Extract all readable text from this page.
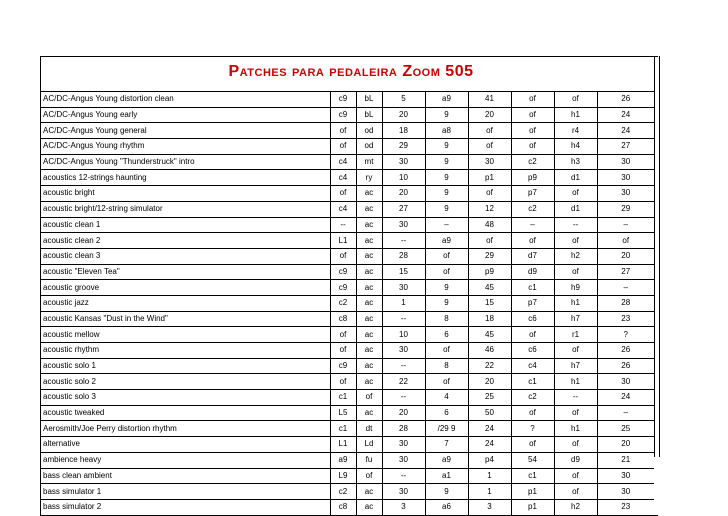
Patches para pedaleira Zoom 505
AC/DC-Angus Young distortion clean	c9	bL	5	a9	41	of	of	26
AC/DC-Angus Young early	c9	bL	20	9	20	of	h1	24
AC/DC-Angus Young general	of	od	18	a8	of	of	r4	24
AC/DC-Angus Young rhythm	of	od	29	9	of	of	h4	27
AC/DC-Angus Young "Thunderstruck" intro	c4	mt	30	9	30	c2	h3	30
acoustics 12-strings haunting	c4	ry	10	9	p1	p9	d1	30
acoustic bright	of	ac	20	9	of	p7	of	30
acoustic bright/12-string simulator	c4	ac	27	9	12	c2	d1	29
acoustic clean 1	--	ac	30	–	48	–	--	–
acoustic clean 2	L1	ac	--	a9	of	of	of	of
acoustic clean 3	of	ac	28	of	29	d7	h2	20
acoustic "Eleven Tea"	c9	ac	15	of	p9	d9	of	27
acoustic groove	c9	ac	30	9	45	c1	h9	–
acoustic jazz	c2	ac	1	9	15	p7	h1	28
acoustic Kansas "Dust in the Wind"	c8	ac	--	8	18	c6	h7	23
acoustic mellow	of	ac	10	6	45	of	r1	?
acoustic rhythm	of	ac	30	of	46	c6	of	26
acoustic solo 1	c9	ac	--	8	22	c4	h7	26
acoustic solo 2	of	ac	22	of	20	c1	h1	30
acoustic solo 3	c1	of	--	4	25	c2	--	24
acoustic tweaked	L5	ac	20	6	50	of	of	–
Aerosmith/Joe Perry distortion rhythm	c1	dt	28	/29 9	24	?	h1	25
alternative	L1	Ld	30	7	24	of	of	20
ambience heavy	a9	fu	30	a9	p4	54	d9	21
bass clean ambient	L9	of	--	a1	1	c1	of	30
bass simulator 1	c2	ac	30	9	1	p1	of	30
bass simulator 2	c8	ac	3	a6	3	p1	h2	23
